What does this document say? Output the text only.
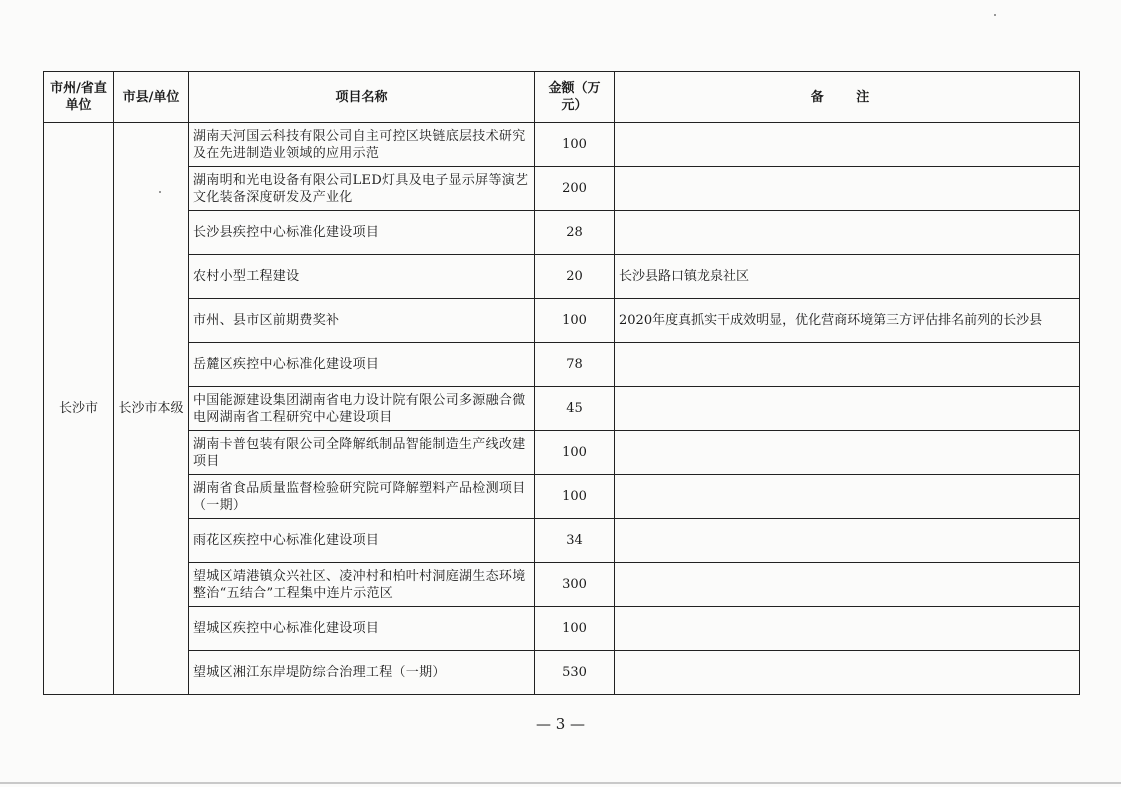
市州/省直单位	市县/单位	项目名称	金额（万元）	备 注
长沙市	长沙市本级	湖南天河国云科技有限公司自主可控区块链底层技术研究及在先进制造业领域的应用示范	100	
		湖南明和光电设备有限公司LED灯具及电子显示屏等演艺文化装备深度研发及产业化	200	
		长沙县疾控中心标准化建设项目	28	
		农村小型工程建设	20	长沙县路口镇龙泉社区
		市州、县市区前期费奖补	100	2020年度真抓实干成效明显，优化营商环境第三方评估排名前列的长沙县
		岳麓区疾控中心标准化建设项目	78	
		中国能源建设集团湖南省电力设计院有限公司多源融合微电网湖南省工程研究中心建设项目	45	
		湖南卡普包装有限公司全降解纸制品智能制造生产线改建项目	100	
		湖南省食品质量监督检验研究院可降解塑料产品检测项目（一期）	100	
		雨花区疾控中心标准化建设项目	34	
		望城区靖港镇众兴社区、凌冲村和柏叶村洞庭湖生态环境整治“五结合”工程集中连片示范区	300	
		望城区疾控中心标准化建设项目	100	
		望城区湘江东岸堤防综合治理工程（一期）	530	
— 3 —
